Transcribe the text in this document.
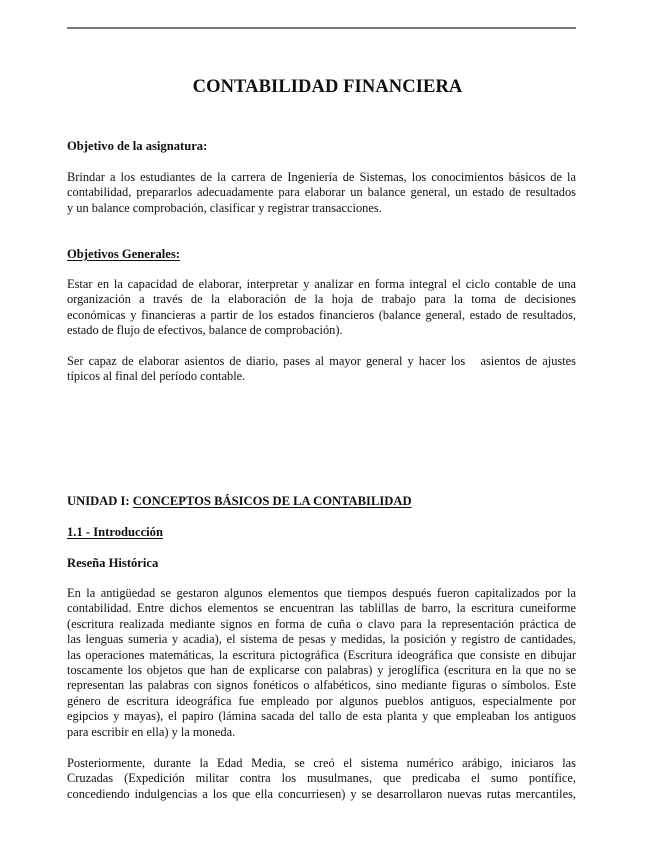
CONTABILIDAD FINANCIERA
Objetivo de la asignatura:
Brindar a los estudiantes de la carrera de Ingeniería de Sistemas, los conocimientos básicos de la
contabilidad, prepararlos adecuadamente para elaborar un balance general, un estado de resultados
y un balance comprobación, clasificar y registrar transacciones.
Objetivos Generales:
Estar en la capacidad de elaborar, interpretar y analizar en forma integral el ciclo contable de una
organización a través de la elaboración de la hoja de trabajo para la toma de decisiones
económicas y financieras a partir de los estados financieros (balance general, estado de resultados,
estado de flujo de efectivos, balance de comprobación).
Ser capaz de elaborar asientos de diario, pases al mayor general y hacer los   asientos de ajustes
típicos al final del período contable.
UNIDAD I: CONCEPTOS BÁSICOS DE LA CONTABILIDAD
1.1 - Introducción
Reseña Histórica
En la antigüedad se gestaron algunos elementos que tiempos después fueron capitalizados por la
contabilidad. Entre dichos elementos se encuentran las tablillas de barro, la escritura cuneiforme
(escritura realizada mediante signos en forma de cuña o clavo para la representación práctica de
las lenguas sumeria y acadia), el sistema de pesas y medidas, la posición y registro de cantidades,
las operaciones matemáticas, la escritura pictográfica (Escritura ideográfica que consiste en dibujar
toscamente los objetos que han de explicarse con palabras) y jeroglífica (escritura en la que no se
representan las palabras con signos fonéticos o alfabéticos, sino mediante figuras o símbolos. Este
género de escritura ideográfica fue empleado por algunos pueblos antiguos, especialmente por
egipcios y mayas), el papiro (lámina sacada del tallo de esta planta y que empleaban los antiguos
para escribir en ella) y la moneda.
Posteriormente, durante la Edad Media, se creó el sistema numérico arábigo, iniciaros las
Cruzadas (Expedición militar contra los musulmanes, que predicaba el sumo pontífice,
concediendo indulgencias a los que ella concurriesen) y se desarrollaron nuevas rutas mercantiles,
